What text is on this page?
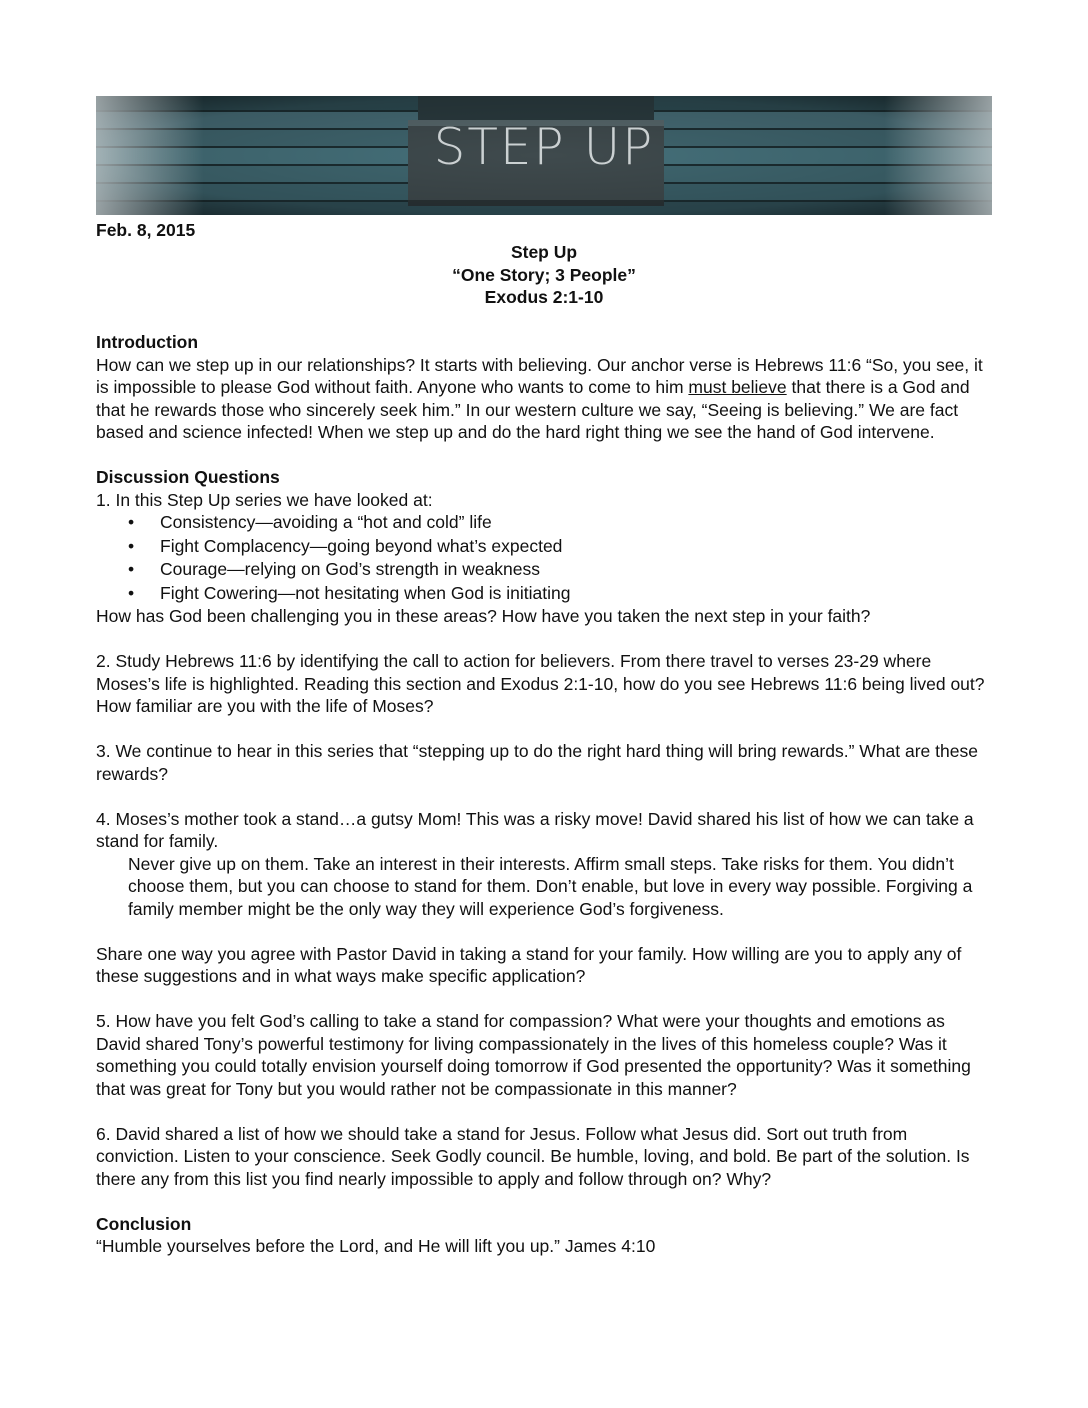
STEP UP
Feb. 8, 2015
Step Up
“One Story; 3 People”
Exodus 2:1-10
Introduction

How can we step up in our relationships? It starts with believing. Our anchor verse is Hebrews 11:6 “So, you see, it is impossible to please God without faith. Anyone who wants to come to him must believe that there is a God and that he rewards those who sincerely seek him.” In our western culture we say, “Seeing is believing.” We are fact based and science infected! When we step up and do the hard right thing we see the hand of God intervene.

Discussion Questions

1. In this Step Up series we have looked at:

• Consistency—avoiding a “hot and cold” life
• Fight Complacency—going beyond what’s expected
• Courage—relying on God’s strength in weakness
• Fight Cowering—not hesitating when God is initiating

How has God been challenging you in these areas? How have you taken the next step in your faith?

2. Study Hebrews 11:6 by identifying the call to action for believers. From there travel to verses 23-29 where Moses’s life is highlighted. Reading this section and Exodus 2:1-10, how do you see Hebrews 11:6 being lived out? How familiar are you with the life of Moses?

3. We continue to hear in this series that “stepping up to do the right hard thing will bring rewards.” What are these rewards?

4. Moses’s mother took a stand…a gutsy Mom! This was a risky move! David shared his list of how we can take a stand for family.

Never give up on them. Take an interest in their interests. Affirm small steps. Take risks for them. You didn’t choose them, but you can choose to stand for them. Don’t enable, but love in every way possible. Forgiving a family member might be the only way they will experience God’s forgiveness.

Share one way you agree with Pastor David in taking a stand for your family. How willing are you to apply any of these suggestions and in what ways make specific application?

5. How have you felt God’s calling to take a stand for compassion? What were your thoughts and emotions as David shared Tony’s powerful testimony for living compassionately in the lives of this homeless couple? Was it something you could totally envision yourself doing tomorrow if God presented the opportunity? Was it something that was great for Tony but you would rather not be compassionate in this manner?

6. David shared a list of how we should take a stand for Jesus. Follow what Jesus did. Sort out truth from conviction. Listen to your conscience. Seek Godly council. Be humble, loving, and bold. Be part of the solution. Is there any from this list you find nearly impossible to apply and follow through on? Why?

Conclusion

“Humble yourselves before the Lord, and He will lift you up.” James 4:10
